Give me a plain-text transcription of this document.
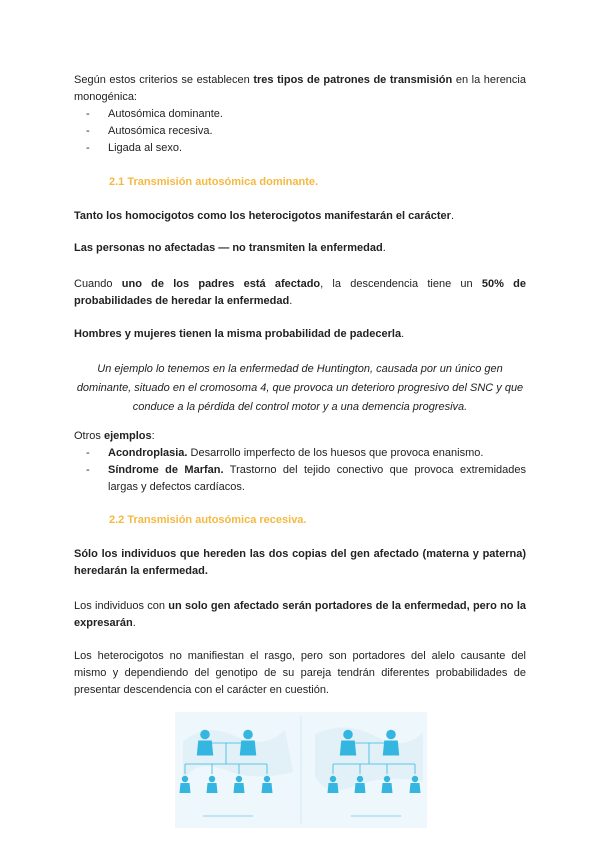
Según estos criterios se establecen tres tipos de patrones de transmisión en la herencia monogénica:
- Autosómica dominante.
- Autosómica recesiva.
- Ligada al sexo.
2.1 Transmisión autosómica dominante.
Tanto los homocigotos como los heterocigotos manifestarán el carácter.
Las personas no afectadas — no transmiten la enfermedad.
Cuando uno de los padres está afectado, la descendencia tiene un 50% de probabilidades de heredar la enfermedad.
Hombres y mujeres tienen la misma probabilidad de padecerla.
Un ejemplo lo tenemos en la enfermedad de Huntington, causada por un único gen
dominante, situado en el cromosoma 4, que provoca un deterioro progresivo del SNC y que
conduce a la pérdida del control motor y a una demencia progresiva.
Otros ejemplos:
- Acondroplasia. Desarrollo imperfecto de los huesos que provoca enanismo.
- Síndrome de Marfan. Trastorno del tejido conectivo que provoca extremidades largas y defectos cardíacos.
2.2 Transmisión autosómica recesiva.
Sólo los individuos que hereden las dos copias del gen afectado (materna y paterna) heredarán la enfermedad.
Los individuos con un solo gen afectado serán portadores de la enfermedad, pero no la expresarán.
Los heterocigotos no manifiestan el rasgo, pero son portadores del alelo causante del mismo y dependiendo del genotipo de su pareja tendrán diferentes probabilidades de presentar descendencia con el carácter en cuestión.
